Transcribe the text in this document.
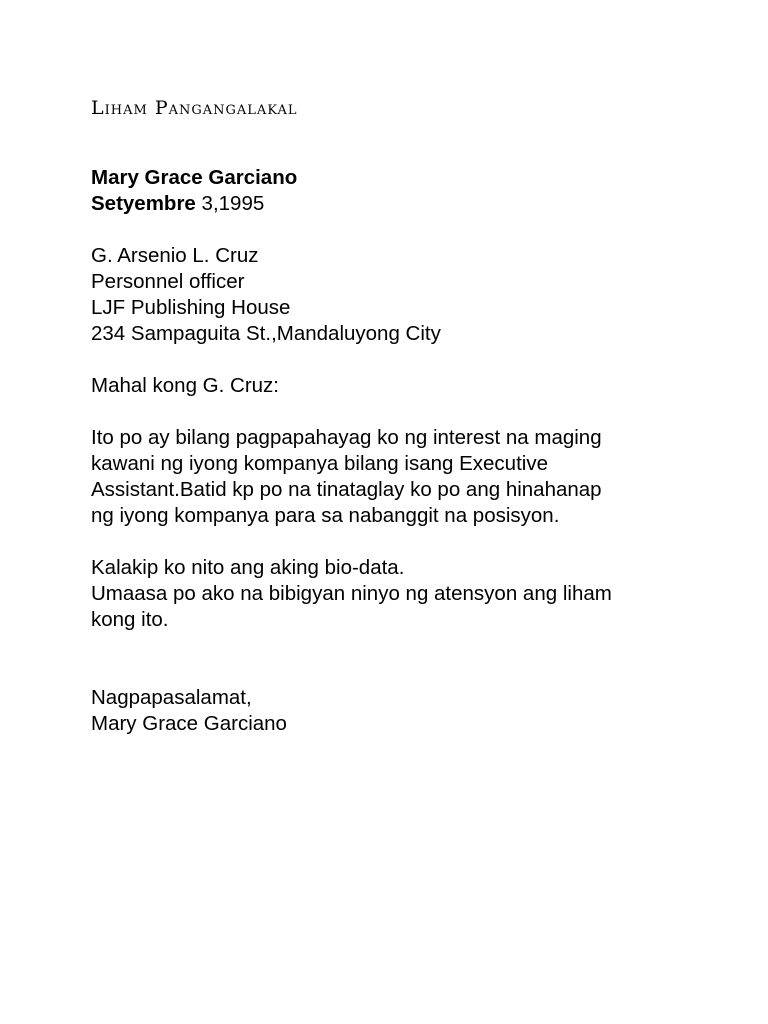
Liham Pangangalakal
Mary Grace Garciano
Setyembre 3,1995
G. Arsenio L. Cruz
Personnel officer
LJF Publishing House
234 Sampaguita St.,Mandaluyong City
Mahal kong G. Cruz:
Ito po ay bilang pagpapahayag ko ng interest na maging
kawani ng iyong kompanya bilang isang Executive
Assistant.Batid kp po na tinataglay ko po ang hinahanap
ng iyong kompanya para sa nabanggit na posisyon.
Kalakip ko nito ang aking bio-data.
Umaasa po ako na bibigyan ninyo ng atensyon ang liham
kong ito.
Nagpapasalamat,
Mary Grace Garciano
